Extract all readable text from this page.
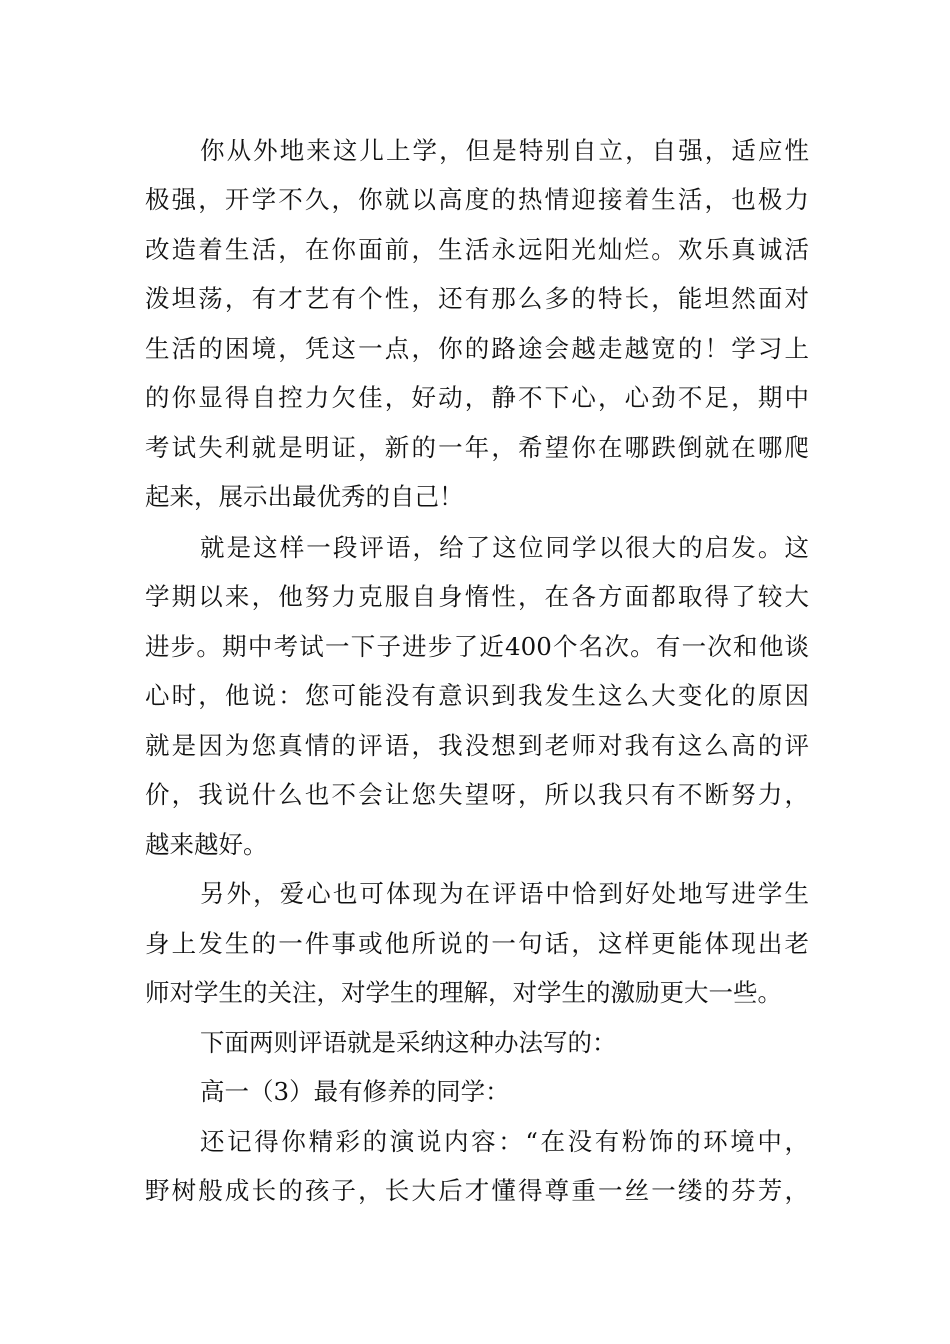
你从外地来这儿上学，但是特别自立，自强，适应性
极强，开学不久，你就以高度的热情迎接着生活，也极力
改造着生活，在你面前，生活永远阳光灿烂。欢乐真诚活
泼坦荡，有才艺有个性，还有那么多的特长，能坦然面对
生活的困境，凭这一点，你的路途会越走越宽的！学习上
的你显得自控力欠佳，好动，静不下心，心劲不足，期中
考试失利就是明证，新的一年，希望你在哪跌倒就在哪爬
起来，展示出最优秀的自己！
就是这样一段评语，给了这位同学以很大的启发。这
学期以来，他努力克服自身惰性，在各方面都取得了较大
进步。期中考试一下子进步了近400个名次。有一次和他谈
心时，他说：您可能没有意识到我发生这么大变化的原因
就是因为您真情的评语，我没想到老师对我有这么高的评
价，我说什么也不会让您失望呀，所以我只有不断努力，
越来越好。
另外，爱心也可体现为在评语中恰到好处地写进学生
身上发生的一件事或他所说的一句话，这样更能体现出老
师对学生的关注，对学生的理解，对学生的激励更大一些。
下面两则评语就是采纳这种办法写的：
高一（3）最有修养的同学：
还记得你精彩的演说内容：“在没有粉饰的环境中，
野树般成长的孩子，长大后才懂得尊重一丝一缕的芬芳，
